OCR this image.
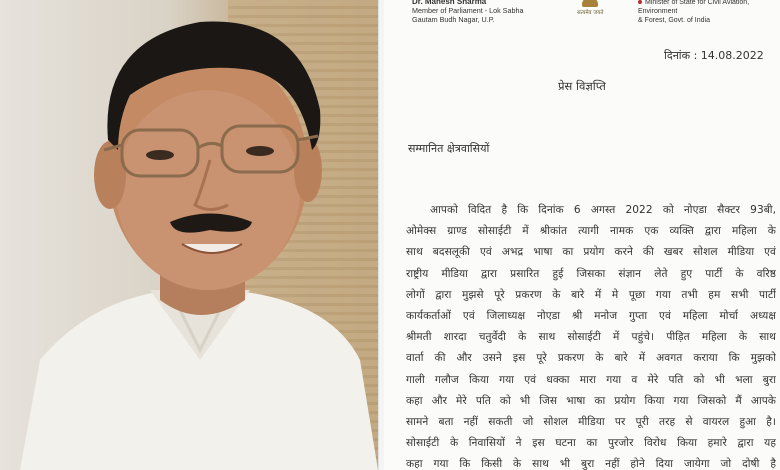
Dr. Mahesh Sharma
Member of Parliament - Lok Sabha
Gautam Budh Nagar, U.P.
सत्यमेव जयते
Minister of State for Civil Aviation, Environment
& Forest, Govt. of India
दिनांक : 14.08.2022
प्रेस विज्ञप्ति
सम्मानित क्षेत्रवासियों
आपको विदित है कि दिनांक 6 अगस्त 2022 को नोएडा सैक्टर 93बी,
ओमेक्स ग्राण्ड सोसाईटी में श्रीकांत त्यागी नामक एक व्यक्ति द्वारा महिला के
साथ बदसलूकी एवं अभद्र भाषा का प्रयोग करने की खबर सोशल मीडिया एवं
राष्ट्रीय मीडिया द्वारा प्रसारित हुई जिसका संज्ञान लेते हुए पार्टी के वरिष्ठ
लोगों द्वारा मुझसे पूरे प्रकरण के बारे में मे पूछा गया तभी हम सभी पार्टी
कार्यकर्ताओं एवं जिलाध्यक्ष नोएडा श्री मनोज गुप्ता एवं महिला मोर्चा अध्यक्ष
श्रीमती शारदा चतुर्वेदी के साथ सोसाईटी में पहुंचे। पीड़ित महिला के साथ
वार्ता की और उसने इस पूरे प्रकरण के बारे में अवगत कराया कि मुझको
गाली गलौज किया गया एवं धक्का मारा गया व मेरे पति को भी भला बुरा
कहा और मेरे पति को भी जिस भाषा का प्रयोग किया गया जिसको मैं आपके
सामने बता नहीं सकती जो सोशल मीडिया पर पूरी तरह से वायरल हुआ है।
सोसाईटी के निवासियों ने इस घटना का पुरजोर विरोध किया हमारे द्वारा यह
कहा गया कि किसी के साथ भी बुरा नहीं होने दिया जायेगा जो दोषी है
